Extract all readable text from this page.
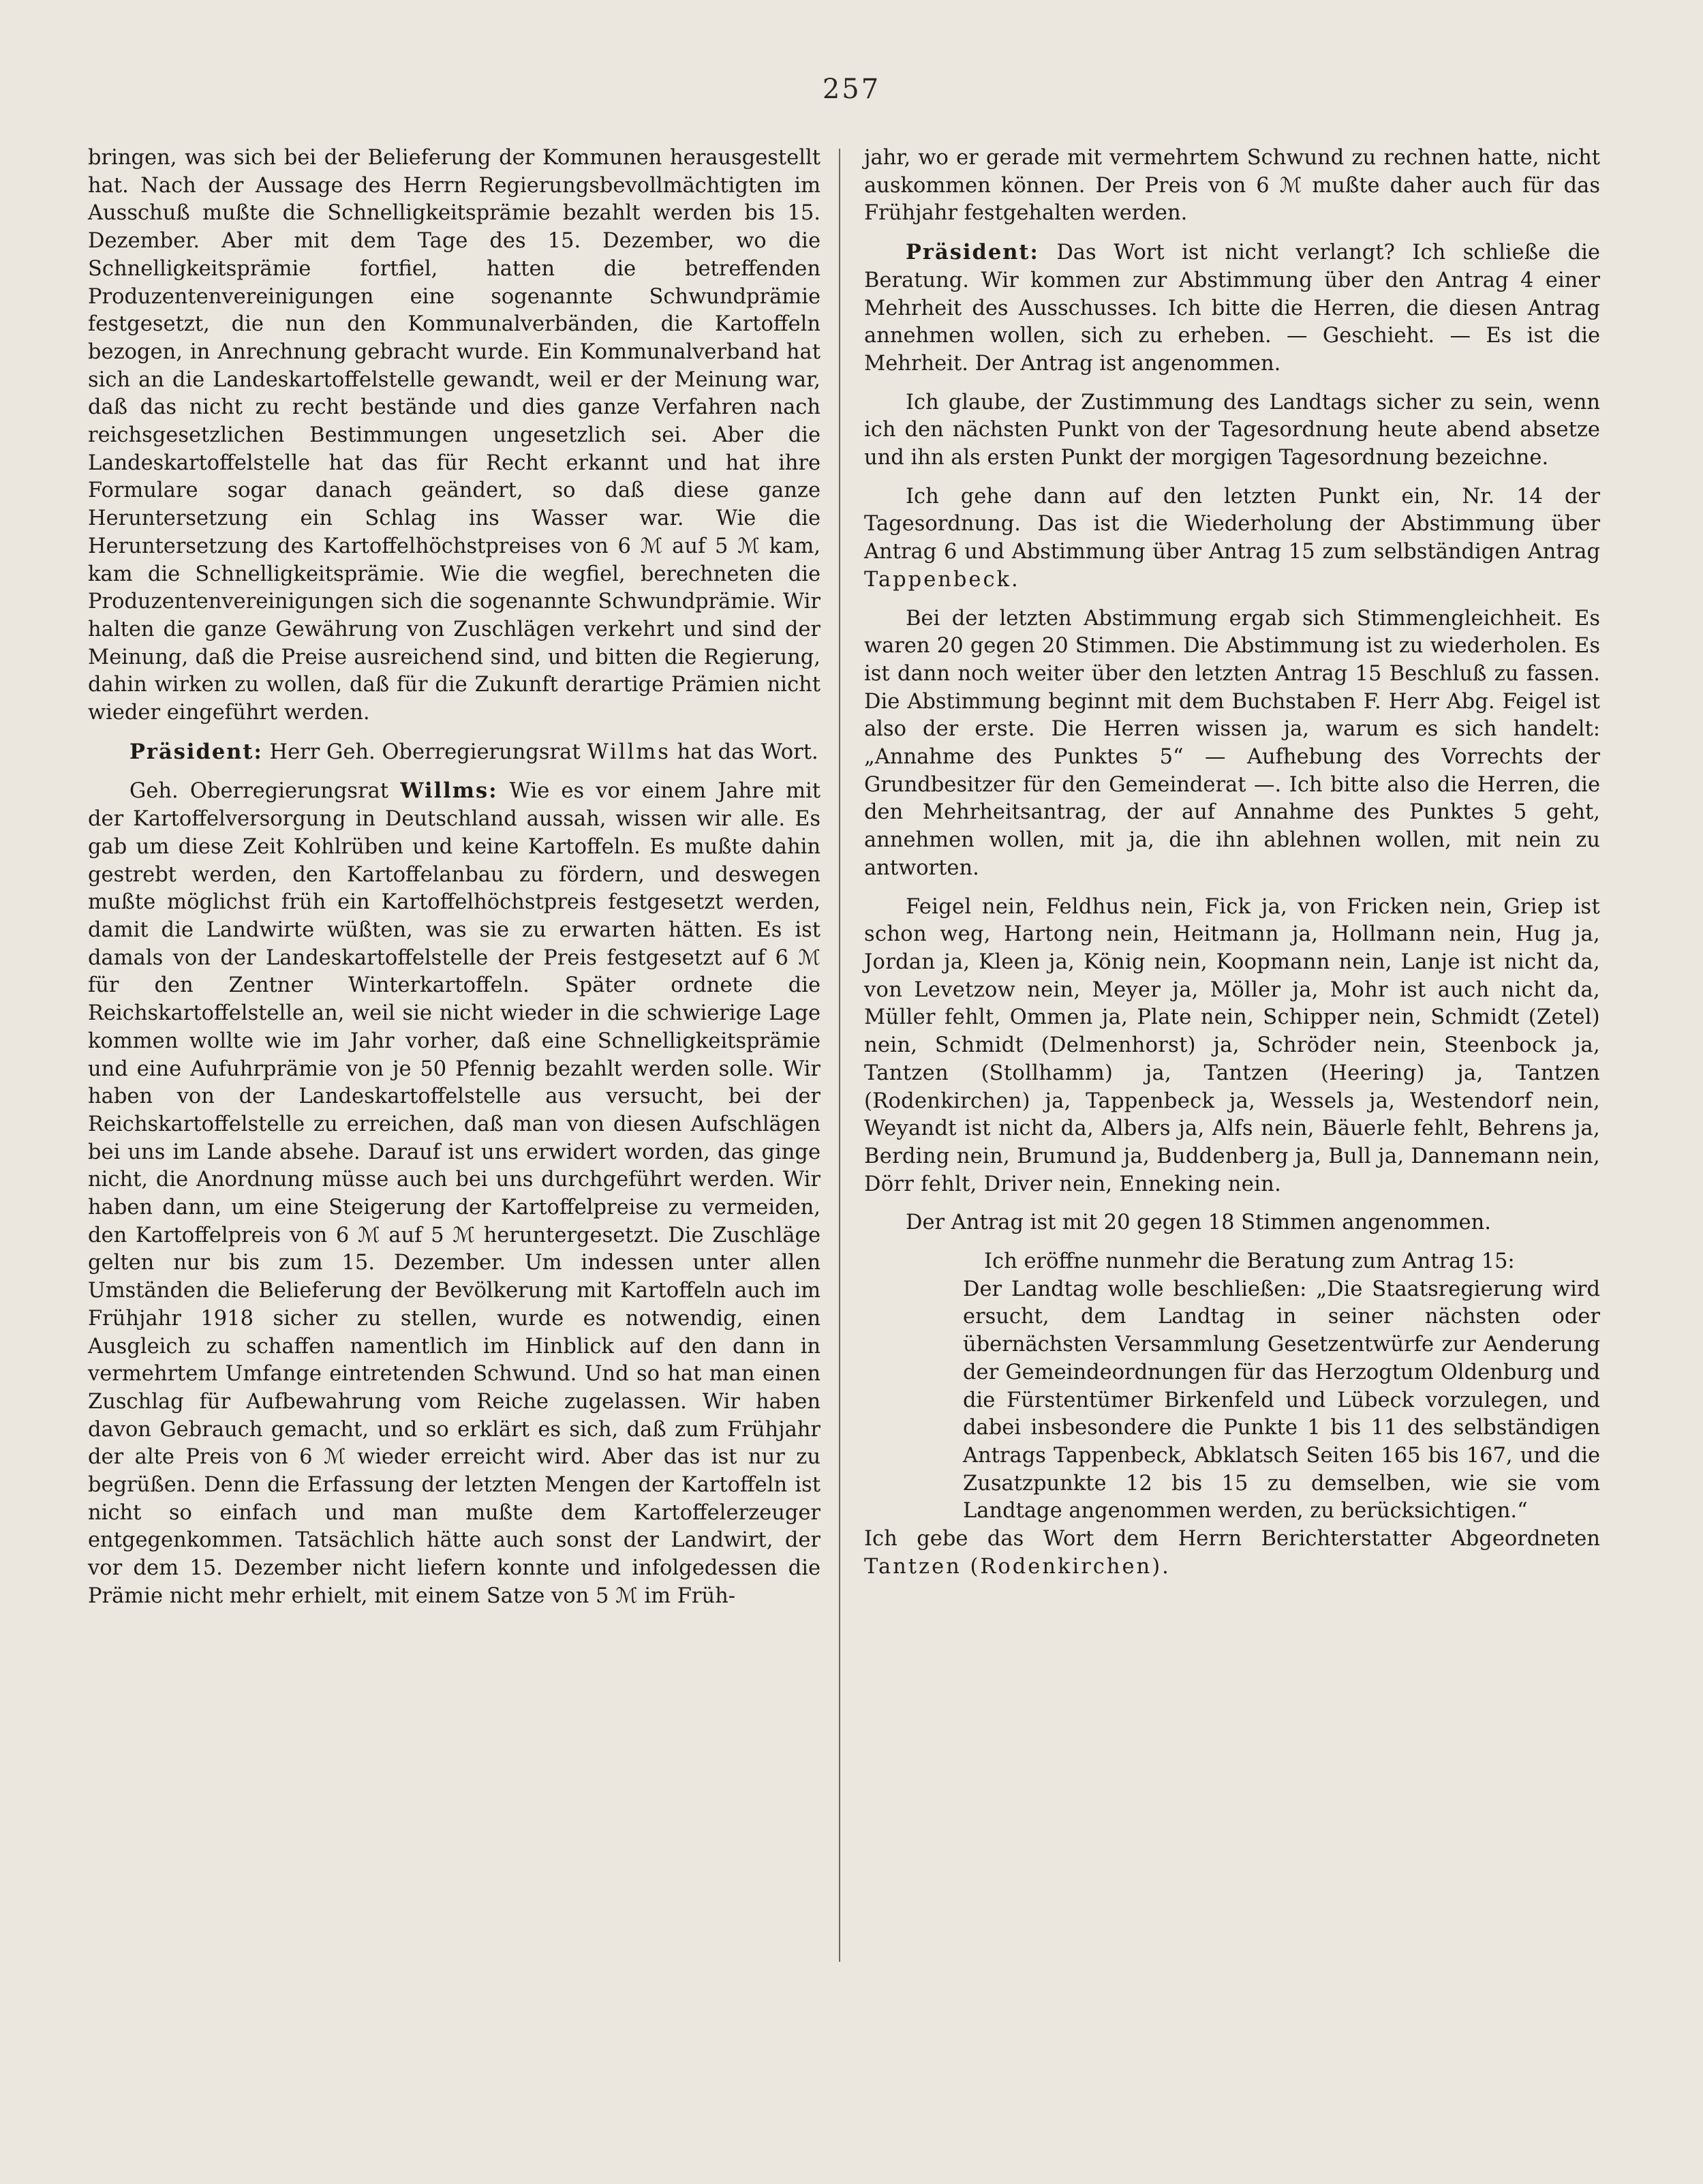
257

bringen, was sich bei der Belieferung der Kommunen herausgestellt hat. Nach der Aussage des Herrn Regierungsbevollmächtigten im Ausschuß mußte die Schnelligkeitsprämie bezahlt werden bis 15. Dezember. Aber mit dem Tage des 15. Dezember, wo die Schnelligkeitsprämie fortfiel, hatten die betreffenden Produzentenvereinigungen eine sogenannte Schwundprämie festgesetzt, die nun den Kommunalverbänden, die Kartoffeln bezogen, in Anrechnung gebracht wurde. Ein Kommunalverband hat sich an die Landeskartoffelstelle gewandt, weil er der Meinung war, daß das nicht zu recht bestände und dies ganze Verfahren nach reichsgesetzlichen Bestimmungen ungesetzlich sei. Aber die Landeskartoffelstelle hat das für Recht erkannt und hat ihre Formulare sogar danach geändert, so daß diese ganze Heruntersetzung ein Schlag ins Wasser war. Wie die Heruntersetzung des Kartoffelhöchstpreises von 6 ℳ auf 5 ℳ kam, kam die Schnelligkeitsprämie. Wie die wegfiel, berechneten die Produzentenvereinigungen sich die sogenannte Schwundprämie. Wir halten die ganze Gewährung von Zuschlägen verkehrt und sind der Meinung, daß die Preise ausreichend sind, und bitten die Regierung, dahin wirken zu wollen, daß für die Zukunft derartige Prämien nicht wieder eingeführt werden.

Präsident: Herr Geh. Oberregierungsrat Willms hat das Wort.

Geh. Oberregierungsrat Willms: Wie es vor einem Jahre mit der Kartoffelversorgung in Deutschland aussah, wissen wir alle. Es gab um diese Zeit Kohlrüben und keine Kartoffeln. Es mußte dahin gestrebt werden, den Kartoffelanbau zu fördern, und deswegen mußte möglichst früh ein Kartoffelhöchstpreis festgesetzt werden, damit die Landwirte wüßten, was sie zu erwarten hätten. Es ist damals von der Landeskartoffelstelle der Preis festgesetzt auf 6 ℳ für den Zentner Winterkartoffeln. Später ordnete die Reichskartoffelstelle an, weil sie nicht wieder in die schwierige Lage kommen wollte wie im Jahr vorher, daß eine Schnelligkeitsprämie und eine Aufuhrprämie von je 50 Pfennig bezahlt werden solle. Wir haben von der Landeskartoffelstelle aus versucht, bei der Reichskartoffelstelle zu erreichen, daß man von diesen Aufschlägen bei uns im Lande absehe. Darauf ist uns erwidert worden, das ginge nicht, die Anordnung müsse auch bei uns durchgeführt werden. Wir haben dann, um eine Steigerung der Kartoffelpreise zu vermeiden, den Kartoffelpreis von 6 ℳ auf 5 ℳ heruntergesetzt. Die Zuschläge gelten nur bis zum 15. Dezember. Um indessen unter allen Umständen die Belieferung der Bevölkerung mit Kartoffeln auch im Frühjahr 1918 sicher zu stellen, wurde es notwendig, einen Ausgleich zu schaffen namentlich im Hinblick auf den dann in vermehrtem Umfange eintretenden Schwund. Und so hat man einen Zuschlag für Aufbewahrung vom Reiche zugelassen. Wir haben davon Gebrauch gemacht, und so erklärt es sich, daß zum Frühjahr der alte Preis von 6 ℳ wieder erreicht wird. Aber das ist nur zu begrüßen. Denn die Erfassung der letzten Mengen der Kartoffeln ist nicht so einfach und man mußte dem Kartoffelerzeuger entgegenkommen. Tatsächlich hätte auch sonst der Landwirt, der vor dem 15. Dezember nicht liefern konnte und infolgedessen die Prämie nicht mehr erhielt, mit einem Satze von 5 ℳ im Früh-

jahr, wo er gerade mit vermehrtem Schwund zu rechnen hatte, nicht auskommen können. Der Preis von 6 ℳ mußte daher auch für das Frühjahr festgehalten werden.

Präsident: Das Wort ist nicht verlangt? Ich schließe die Beratung. Wir kommen zur Abstimmung über den Antrag 4 einer Mehrheit des Ausschusses. Ich bitte die Herren, die diesen Antrag annehmen wollen, sich zu erheben. — Geschieht. — Es ist die Mehrheit. Der Antrag ist angenommen.

Ich glaube, der Zustimmung des Landtags sicher zu sein, wenn ich den nächsten Punkt von der Tagesordnung heute abend absetze und ihn als ersten Punkt der morgigen Tagesordnung bezeichne.

Ich gehe dann auf den letzten Punkt ein, Nr. 14 der Tagesordnung. Das ist die Wiederholung der Abstimmung über Antrag 6 und Abstimmung über Antrag 15 zum selbständigen Antrag Tappenbeck.

Bei der letzten Abstimmung ergab sich Stimmengleichheit. Es waren 20 gegen 20 Stimmen. Die Abstimmung ist zu wiederholen. Es ist dann noch weiter über den letzten Antrag 15 Beschluß zu fassen. Die Abstimmung beginnt mit dem Buchstaben F. Herr Abg. Feigel ist also der erste. Die Herren wissen ja, warum es sich handelt: „Annahme des Punktes 5“ — Aufhebung des Vorrechts der Grundbesitzer für den Gemeinderat —. Ich bitte also die Herren, die den Mehrheitsantrag, der auf Annahme des Punktes 5 geht, annehmen wollen, mit ja, die ihn ablehnen wollen, mit nein zu antworten.

Feigel nein, Feldhus nein, Fick ja, von Fricken nein, Griep ist schon weg, Hartong nein, Heitmann ja, Hollmann nein, Hug ja, Jordan ja, Kleen ja, König nein, Koopmann nein, Lanje ist nicht da, von Levetzow nein, Meyer ja, Möller ja, Mohr ist auch nicht da, Müller fehlt, Ommen ja, Plate nein, Schipper nein, Schmidt (Zetel) nein, Schmidt (Delmenhorst) ja, Schröder nein, Steenbock ja, Tantzen (Stollhamm) ja, Tantzen (Heering) ja, Tantzen (Rodenkirchen) ja, Tappenbeck ja, Wessels ja, Westendorf nein, Weyandt ist nicht da, Albers ja, Alfs nein, Bäuerle fehlt, Behrens ja, Berding nein, Brumund ja, Buddenberg ja, Bull ja, Dannemann nein, Dörr fehlt, Driver nein, Enneking nein.

Der Antrag ist mit 20 gegen 18 Stimmen angenommen.

Ich eröffne nunmehr die Beratung zum Antrag 15:

Der Landtag wolle beschließen: „Die Staatsregierung wird ersucht, dem Landtag in seiner nächsten oder übernächsten Versammlung Gesetzentwürfe zur Aenderung der Gemeindeordnungen für das Herzogtum Oldenburg und die Fürstentümer Birkenfeld und Lübeck vorzulegen, und dabei insbesondere die Punkte 1 bis 11 des selbständigen Antrags Tappenbeck, Abklatsch Seiten 165 bis 167, und die Zusatzpunkte 12 bis 15 zu demselben, wie sie vom Landtage angenommen werden, zu berücksichtigen.“

Ich gebe das Wort dem Herrn Berichterstatter Abgeordneten Tantzen (Rodenkirchen).
